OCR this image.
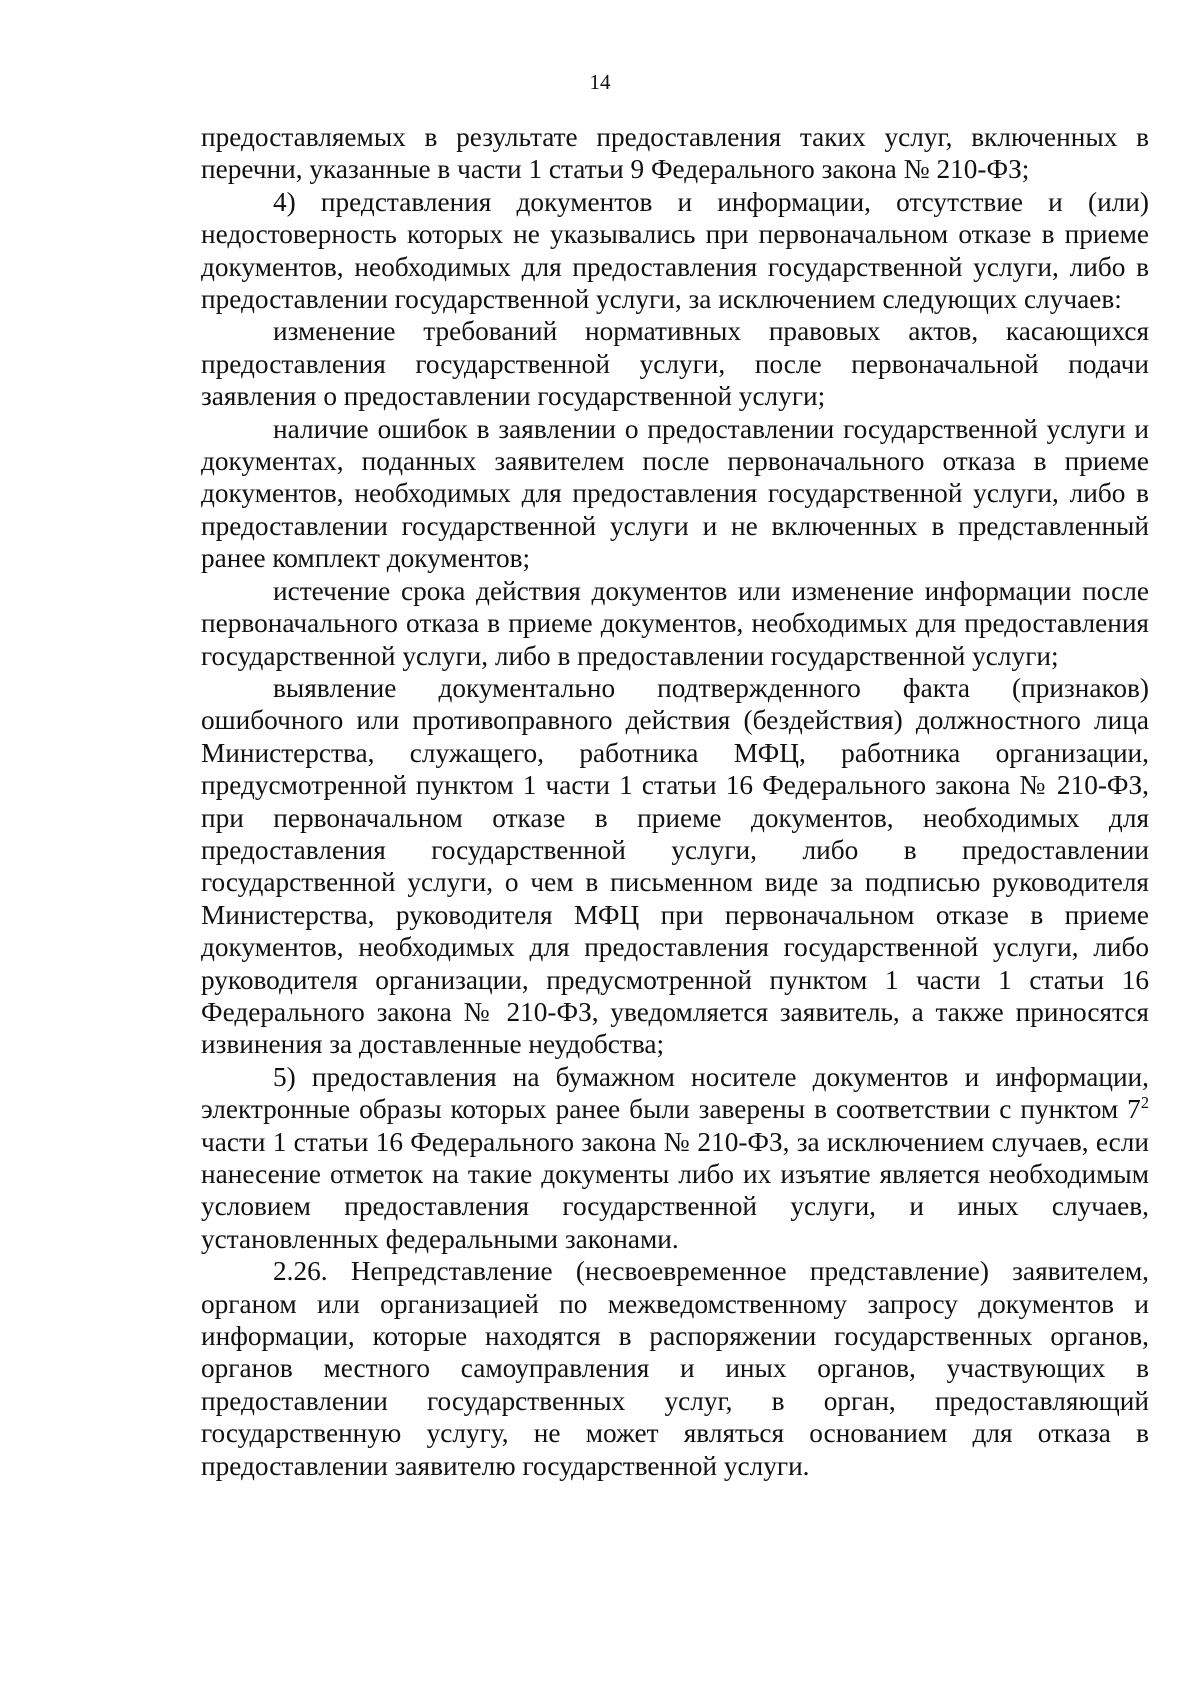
14

предоставляемых в результате предоставления таких услуг, включенных в перечни, указанные в части 1 статьи 9 Федерального закона № 210-ФЗ;

4) представления документов и информации, отсутствие и (или) недостоверность которых не указывались при первоначальном отказе в приеме документов, необходимых для предоставления государственной услуги, либо в предоставлении государственной услуги, за исключением следующих случаев:

изменение требований нормативных правовых актов, касающихся предоставления государственной услуги, после первоначальной подачи заявления о предоставлении государственной услуги;

наличие ошибок в заявлении о предоставлении государственной услуги и документах, поданных заявителем после первоначального отказа в приеме документов, необходимых для предоставления государственной услуги, либо в предоставлении государственной услуги и не включенных в представленный ранее комплект документов;

истечение срока действия документов или изменение информации после первоначального отказа в приеме документов, необходимых для предоставления государственной услуги, либо в предоставлении государственной услуги;

выявление документально подтвержденного факта (признаков) ошибочного или противоправного действия (бездействия) должностного лица Министерства, служащего, работника МФЦ, работника организации, предусмотренной пунктом 1 части 1 статьи 16 Федерального закона № 210-ФЗ, при первоначальном отказе в приеме документов, необходимых для предоставления государственной услуги, либо в предоставлении государственной услуги, о чем в письменном виде за подписью руководителя Министерства, руководителя МФЦ при первоначальном отказе в приеме документов, необходимых для предоставления государственной услуги, либо руководителя организации, предусмотренной пунктом 1 части 1 статьи 16 Федерального закона № 210-ФЗ, уведомляется заявитель, а также приносятся извинения за доставленные неудобства;

5) предоставления на бумажном носителе документов и информации, электронные образы которых ранее были заверены в соответствии с пунктом $7^2$ части 1 статьи 16 Федерального закона № 210-ФЗ, за исключением случаев, если нанесение отметок на такие документы либо их изъятие является необходимым условием предоставления государственной услуги, и иных случаев, установленных федеральными законами.

2.26. Непредставление (несвоевременное представление) заявителем, органом или организацией по межведомственному запросу документов и информации, которые находятся в распоряжении государственных органов, органов местного самоуправления и иных органов, участвующих в предоставлении государственных услуг, в орган, предоставляющий государственную услугу, не может являться основанием для отказа в предоставлении заявителю государственной услуги.
